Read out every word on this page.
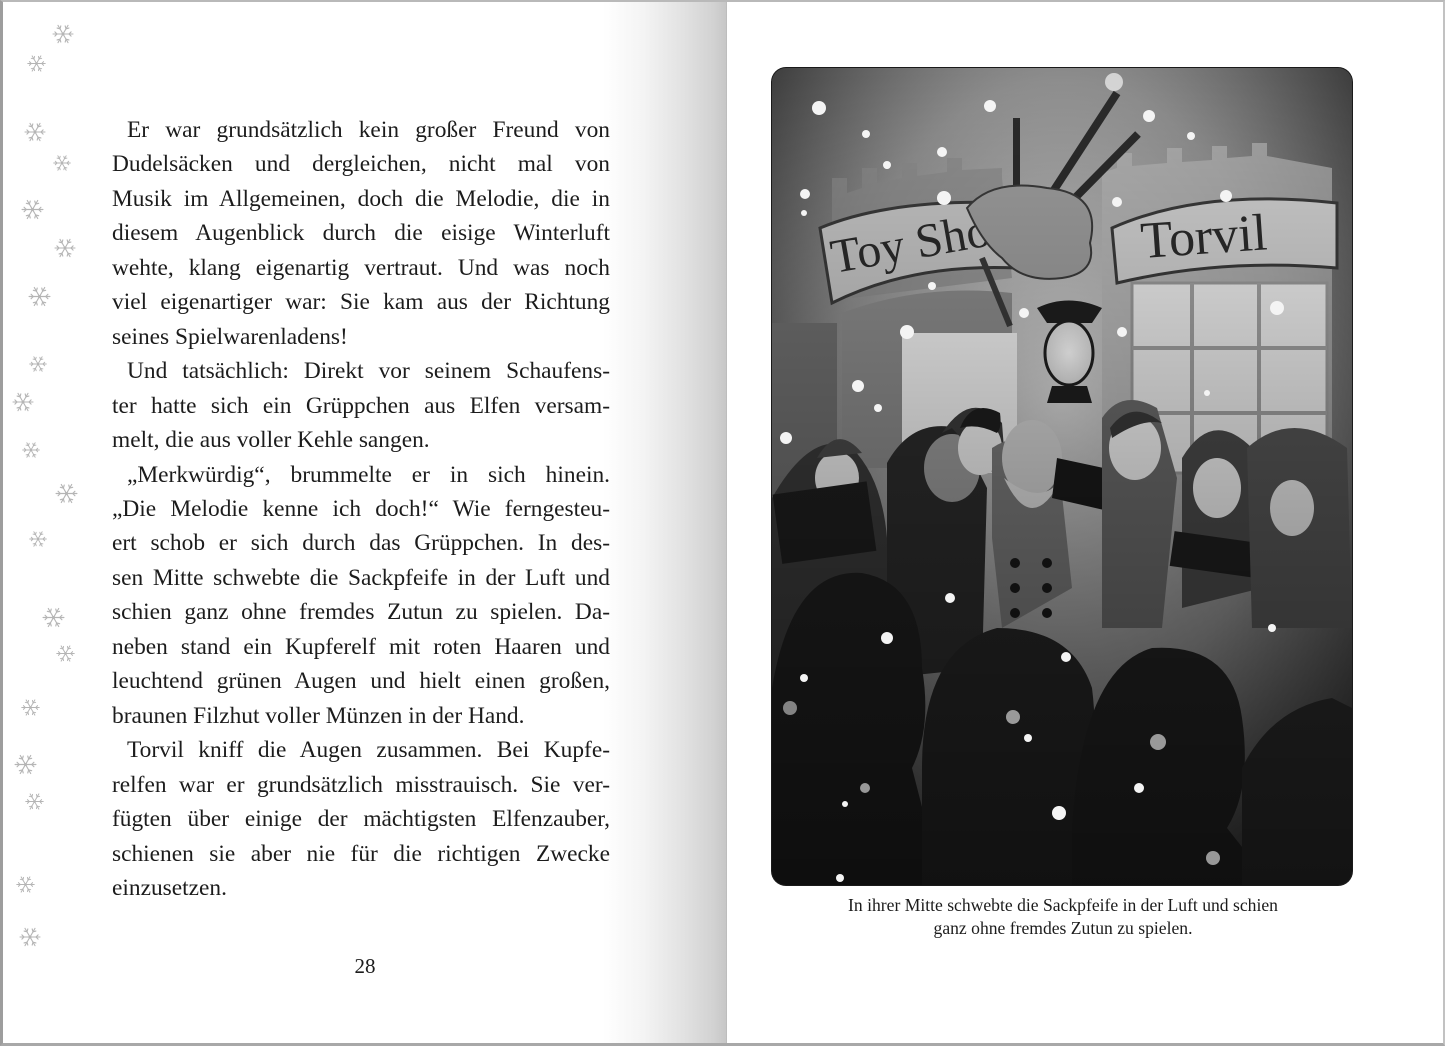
Er war grundsätzlich kein großer Freund von
Dudelsäcken und dergleichen, nicht mal von
Musik im Allgemeinen, doch die Melodie, die in
diesem Augenblick durch die eisige Winterluft
wehte, klang eigenartig vertraut. Und was noch
viel eigenartiger war: Sie kam aus der Richtung
seines Spielwarenladens!

Und tatsächlich: Direkt vor seinem Schaufens-
ter hatte sich ein Grüppchen aus Elfen versam-
melt, die aus voller Kehle sangen.

„Merkwürdig“, brummelte er in sich hinein.
„Die Melodie kenne ich doch!“ Wie ferngesteu-
ert schob er sich durch das Grüppchen. In des-
sen Mitte schwebte die Sackpfeife in der Luft und
schien ganz ohne fremdes Zutun zu spielen. Da-
neben stand ein Kupferelf mit roten Haaren und
leuchtend grünen Augen und hielt einen großen,
braunen Filzhut voller Münzen in der Hand.

Torvil kniff die Augen zusammen. Bei Kupfe-
relfen war er grundsätzlich misstrauisch. Sie ver-
fügten über einige der mächtigsten Elfenzauber,
schienen sie aber nie für die richtigen Zwecke
einzusetzen.

28
In ihrer Mitte schwebte die Sackpfeife in der Luft und schien
ganz ohne fremdes Zutun zu spielen.
